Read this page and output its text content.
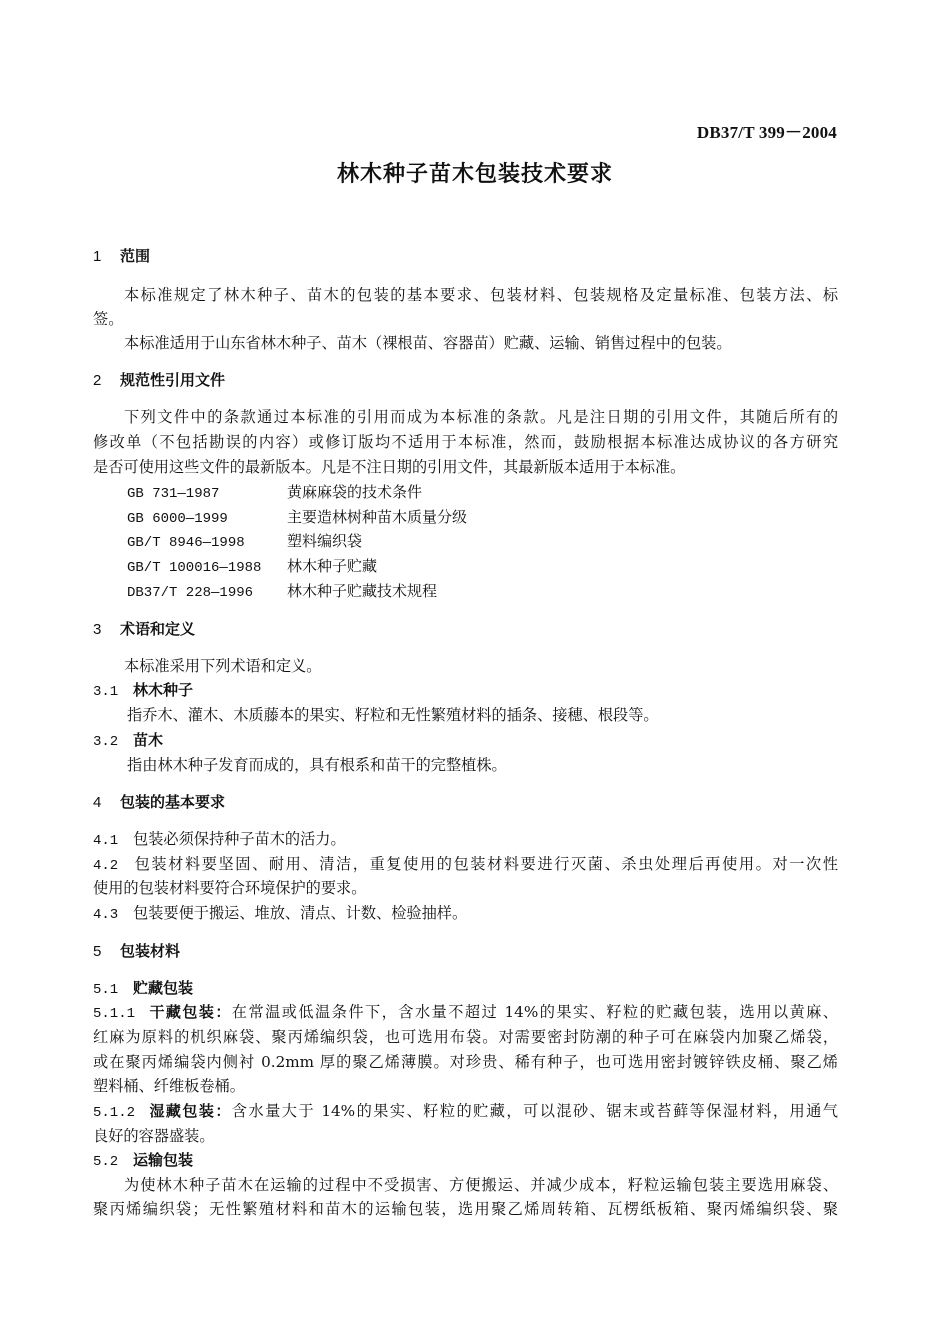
DB37/T 399－2004
林木种子苗木包装技术要求
1 范围
本标准规定了林木种子、苗木的包装的基本要求、包装材料、包装规格及定量标准、包装方法、标
签。
本标准适用于山东省林木种子、苗木（裸根苗、容器苗）贮藏、运输、销售过程中的包装。
2 规范性引用文件
下列文件中的条款通过本标准的引用而成为本标准的条款。凡是注日期的引用文件，其随后所有的
修改单（不包括勘误的内容）或修订版均不适用于本标准，然而，鼓励根据本标准达成协议的各方研究
是否可使用这些文件的最新版本。凡是不注日期的引用文件，其最新版本适用于本标准。
GB 731—1987	黄麻麻袋的技术条件
GB 6000—1999	主要造林树种苗木质量分级
GB/T 8946—1998	塑料编织袋
GB/T 100016—1988 林木种子贮藏
DB37/T 228—1996 林木种子贮藏技术规程
3 术语和定义
本标准采用下列术语和定义。
3.1 林木种子
指乔木、灌木、木质藤本的果实、籽粒和无性繁殖材料的插条、接穗、根段等。
3.2 苗木
指由林木种子发育而成的，具有根系和苗干的完整植株。
4 包装的基本要求
4.1 包装必须保持种子苗木的活力。
4.2 包装材料要坚固、耐用、清洁，重复使用的包装材料要进行灭菌、杀虫处理后再使用。对一次性
使用的包装材料要符合环境保护的要求。
4.3 包装要便于搬运、堆放、清点、计数、检验抽样。
5 包装材料
5.1 贮藏包装
5.1.1 干藏包装：在常温或低温条件下，含水量不超过 14%的果实、籽粒的贮藏包装，选用以黄麻、
红麻为原料的机织麻袋、聚丙烯编织袋，也可选用布袋。对需要密封防潮的种子可在麻袋内加聚乙烯袋，
或在聚丙烯编袋内侧衬 0.2mm 厚的聚乙烯薄膜。对珍贵、稀有种子，也可选用密封镀锌铁皮桶、聚乙烯
塑料桶、纤维板卷桶。
5.1.2 湿藏包装：含水量大于 14%的果实、籽粒的贮藏，可以混砂、锯末或苔藓等保湿材料，用通气
良好的容器盛装。
5.2 运输包装
为使林木种子苗木在运输的过程中不受损害、方便搬运、并减少成本，籽粒运输包装主要选用麻袋、
聚丙烯编织袋；无性繁殖材料和苗木的运输包装，选用聚乙烯周转箱、瓦楞纸板箱、聚丙烯编织袋、聚
